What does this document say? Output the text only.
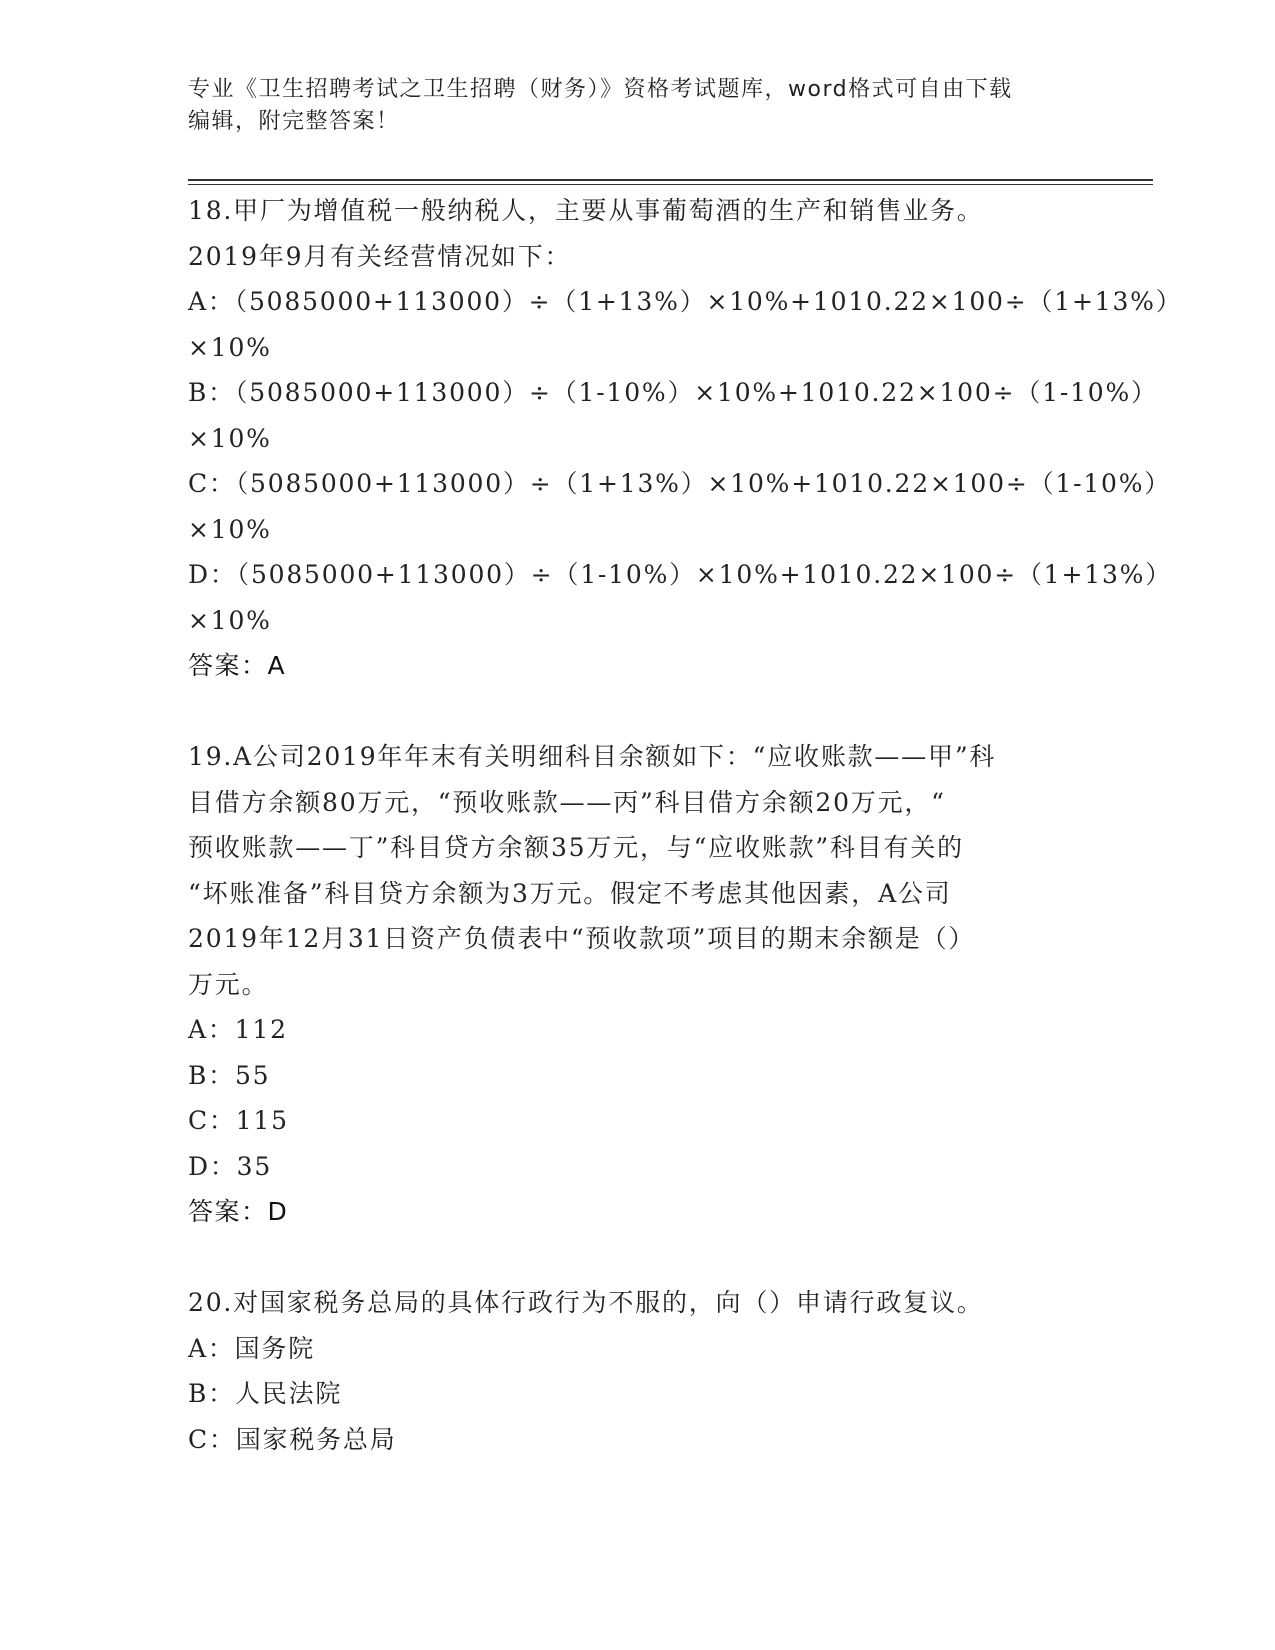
专业《卫生招聘考试之卫生招聘（财务）》资格考试题库，word格式可自由下载
编辑，附完整答案！
18.甲厂为增值税一般纳税人，主要从事葡萄酒的生产和销售业务。
2019年9月有关经营情况如下：
A：（5085000+113000）÷（1+13%）×10%+1010.22×100÷（1+13%）
×10%
B：（5085000+113000）÷（1-10%）×10%+1010.22×100÷（1-10%）
×10%
C：（5085000+113000）÷（1+13%）×10%+1010.22×100÷（1-10%）
×10%
D：（5085000+113000）÷（1-10%）×10%+1010.22×100÷（1+13%）
×10%
答案：A
19.A公司2019年年末有关明细科目余额如下：“应收账款——甲”科
目借方余额80万元，“预收账款——丙”科目借方余额20万元，“
预收账款——丁”科目贷方余额35万元，与“应收账款”科目有关的
“坏账准备”科目贷方余额为3万元。假定不考虑其他因素，A公司
2019年12月31日资产负债表中“预收款项”项目的期末余额是（）
万元。
A：112
B：55
C：115
D：35
答案：D
20.对国家税务总局的具体行政行为不服的，向（）申请行政复议。
A：国务院
B：人民法院
C：国家税务总局
